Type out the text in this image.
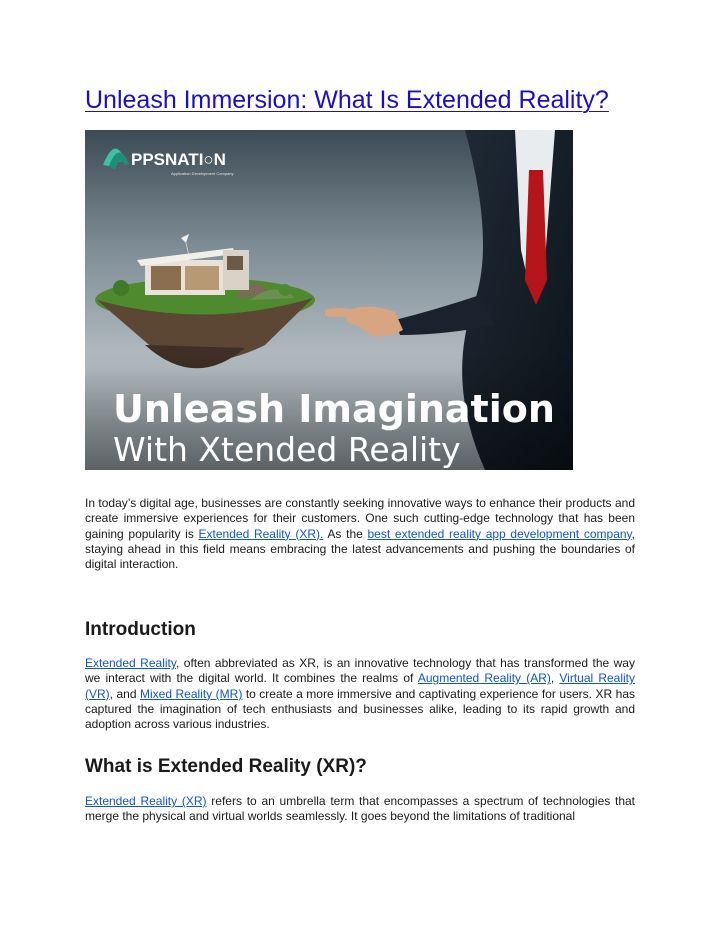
Unleash Immersion: What Is Extended Reality?
PPSNATI○N
Application Development Company
Unleash Imagination
With Xtended Reality

In today’s digital age, businesses are constantly seeking innovative ways to enhance their products and create immersive experiences for their customers. One such cutting-edge technology that has been gaining popularity is Extended Reality (XR). As the best extended reality app development company, staying ahead in this field means embracing the latest advancements and pushing the boundaries of digital interaction.

Introduction

Extended Reality, often abbreviated as XR, is an innovative technology that has transformed the way we interact with the digital world. It combines the realms of Augmented Reality (AR), Virtual Reality (VR), and Mixed Reality (MR) to create a more immersive and captivating experience for users. XR has captured the imagination of tech enthusiasts and businesses alike, leading to its rapid growth and adoption across various industries.

What is Extended Reality (XR)?

Extended Reality (XR) refers to an umbrella term that encompasses a spectrum of technologies that merge the physical and virtual worlds seamlessly. It goes beyond the limitations of traditional
